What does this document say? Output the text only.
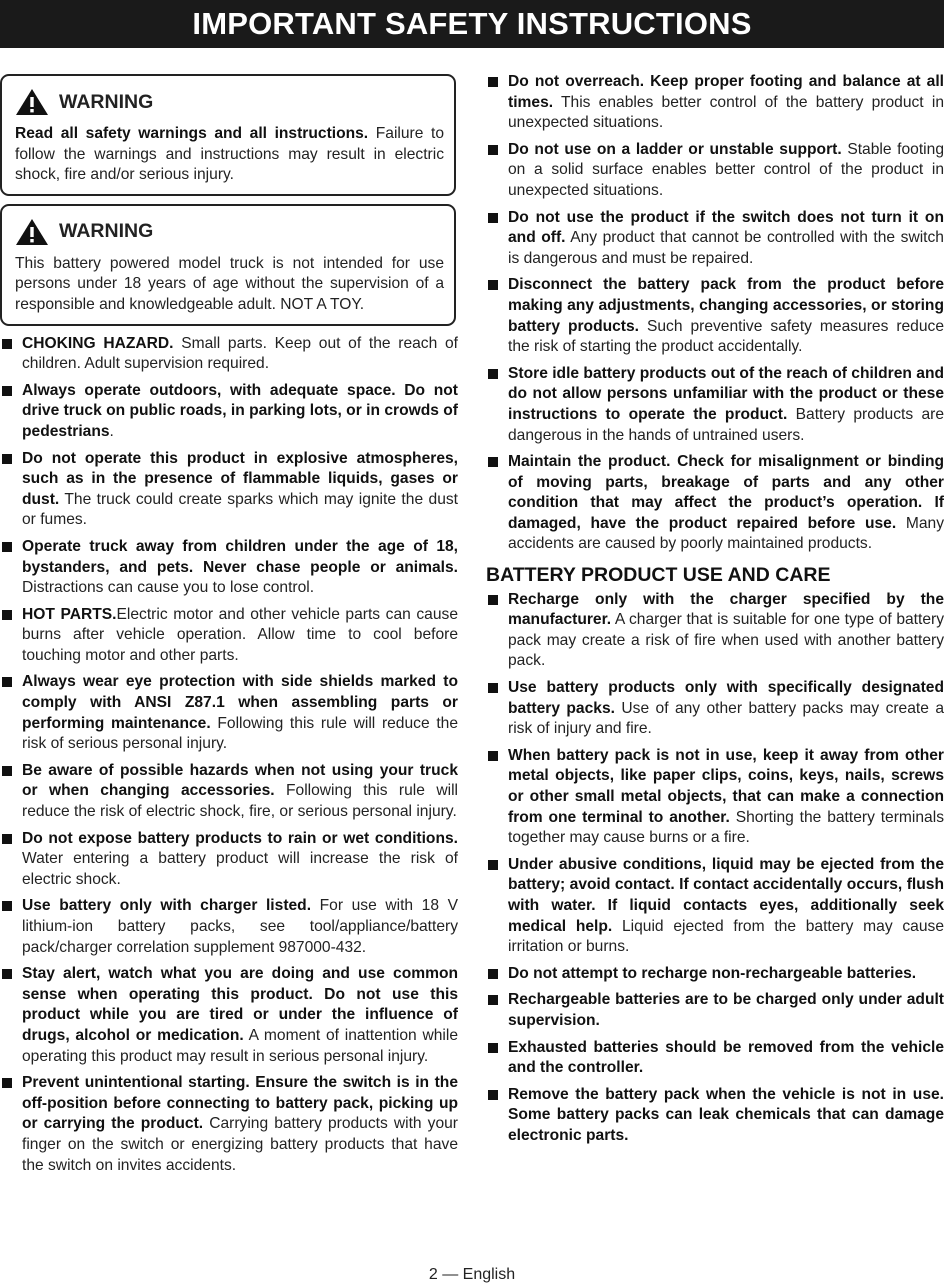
IMPORTANT SAFETY INSTRUCTIONS
WARNING
Read all safety warnings and all instructions. Failure to follow the warnings and instructions may result in electric shock, fire and/or serious injury.
WARNING
This battery powered model truck is not intended for use persons under 18 years of age without the supervision of a responsible and knowledgeable adult. NOT A TOY.
CHOKING HAZARD. Small parts. Keep out of the reach of children. Adult supervision required.
Always operate outdoors, with adequate space. Do not drive truck on public roads, in parking lots, or in crowds of pedestrians.
Do not operate this product in explosive atmospheres, such as in the presence of flammable liquids, gases or dust. The truck could create sparks which may ignite the dust or fumes.
Operate truck away from children under the age of 18, bystanders, and pets. Never chase people or animals. Distractions can cause you to lose control.
HOT PARTS.Electric motor and other vehicle parts can cause burns after vehicle operation. Allow time to cool before touching motor and other parts.
Always wear eye protection with side shields marked to comply with ANSI Z87.1 when assembling parts or performing maintenance. Following this rule will reduce the risk of serious personal injury.
Be aware of possible hazards when not using your truck or when changing accessories. Following this rule will reduce the risk of electric shock, fire, or serious personal injury.
Do not expose battery products to rain or wet conditions. Water entering a battery product will increase the risk of electric shock.
Use battery only with charger listed. For use with 18 V lithium-ion battery packs, see tool/appliance/battery pack/charger correlation supplement 987000-432.
Stay alert, watch what you are doing and use common sense when operating this product. Do not use this product while you are tired or under the influence of drugs, alcohol or medication. A moment of inattention while operating this product may result in serious personal injury.
Prevent unintentional starting. Ensure the switch is in the off-position before connecting to battery pack, picking up or carrying the product. Carrying battery products with your finger on the switch or energizing battery products that have the switch on invites accidents.
Do not overreach. Keep proper footing and balance at all times. This enables better control of the battery product in unexpected situations.
Do not use on a ladder or unstable support. Stable footing on a solid surface enables better control of the product in unexpected situations.
Do not use the product if the switch does not turn it on and off. Any product that cannot be controlled with the switch is dangerous and must be repaired.
Disconnect the battery pack from the product before making any adjustments, changing accessories, or storing battery products. Such preventive safety measures reduce the risk of starting the product accidentally.
Store idle battery products out of the reach of children and do not allow persons unfamiliar with the product or these instructions to operate the product. Battery products are dangerous in the hands of untrained users.
Maintain the product. Check for misalignment or binding of moving parts, breakage of parts and any other condition that may affect the product’s operation. If damaged, have the product repaired before use. Many accidents are caused by poorly maintained products.
BATTERY PRODUCT USE AND CARE
Recharge only with the charger specified by the manufacturer. A charger that is suitable for one type of battery pack may create a risk of fire when used with another battery pack.
Use battery products only with specifically designated battery packs. Use of any other battery packs may create a risk of injury and fire.
When battery pack is not in use, keep it away from other metal objects, like paper clips, coins, keys, nails, screws or other small metal objects, that can make a connection from one terminal to another. Shorting the battery terminals together may cause burns or a fire.
Under abusive conditions, liquid may be ejected from the battery; avoid contact. If contact accidentally occurs, flush with water. If liquid contacts eyes, additionally seek medical help. Liquid ejected from the battery may cause irritation or burns.
Do not attempt to recharge non-rechargeable batteries.
Rechargeable batteries are to be charged only under adult supervision.
Exhausted batteries should be removed from the vehicle and the controller.
Remove the battery pack when the vehicle is not in use. Some battery packs can leak chemicals that can damage electronic parts.
2 — English
